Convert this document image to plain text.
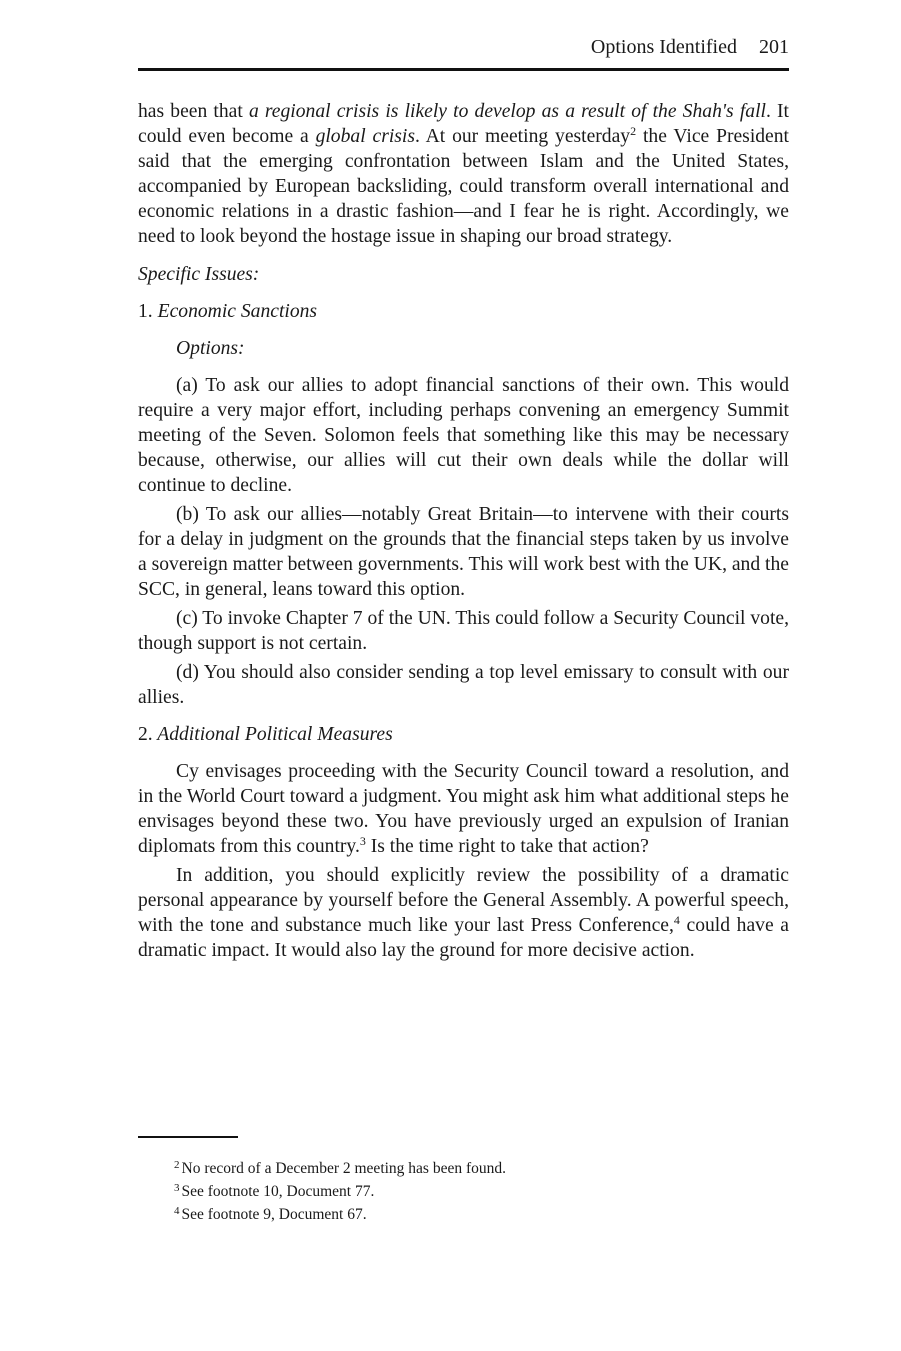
Options Identified 201

has been that a regional crisis is likely to develop as a result of the Shah's fall. It could even become a global crisis. At our meeting yesterday$^2$ the Vice President said that the emerging confrontation between Islam and the United States, accompanied by European backsliding, could transform overall international and economic relations in a drastic fashion—and I fear he is right. Accordingly, we need to look beyond the hostage issue in shaping our broad strategy.

Specific Issues:

1. Economic Sanctions

Options:

(a) To ask our allies to adopt financial sanctions of their own. This would require a very major effort, including perhaps convening an emergency Summit meeting of the Seven. Solomon feels that something like this may be necessary because, otherwise, our allies will cut their own deals while the dollar will continue to decline.

(b) To ask our allies—notably Great Britain—to intervene with their courts for a delay in judgment on the grounds that the financial steps taken by us involve a sovereign matter between governments. This will work best with the UK, and the SCC, in general, leans toward this option.

(c) To invoke Chapter 7 of the UN. This could follow a Security Council vote, though support is not certain.

(d) You should also consider sending a top level emissary to consult with our allies.

2. Additional Political Measures

Cy envisages proceeding with the Security Council toward a resolution, and in the World Court toward a judgment. You might ask him what additional steps he envisages beyond these two. You have previously urged an expulsion of Iranian diplomats from this country.$^3$ Is the time right to take that action?

In addition, you should explicitly review the possibility of a dramatic personal appearance by yourself before the General Assembly. A powerful speech, with the tone and substance much like your last Press Conference,$^4$ could have a dramatic impact. It would also lay the ground for more decisive action.

$^2$ No record of a December 2 meeting has been found.
$^3$ See footnote 10, Document 77.
$^4$ See footnote 9, Document 67.
